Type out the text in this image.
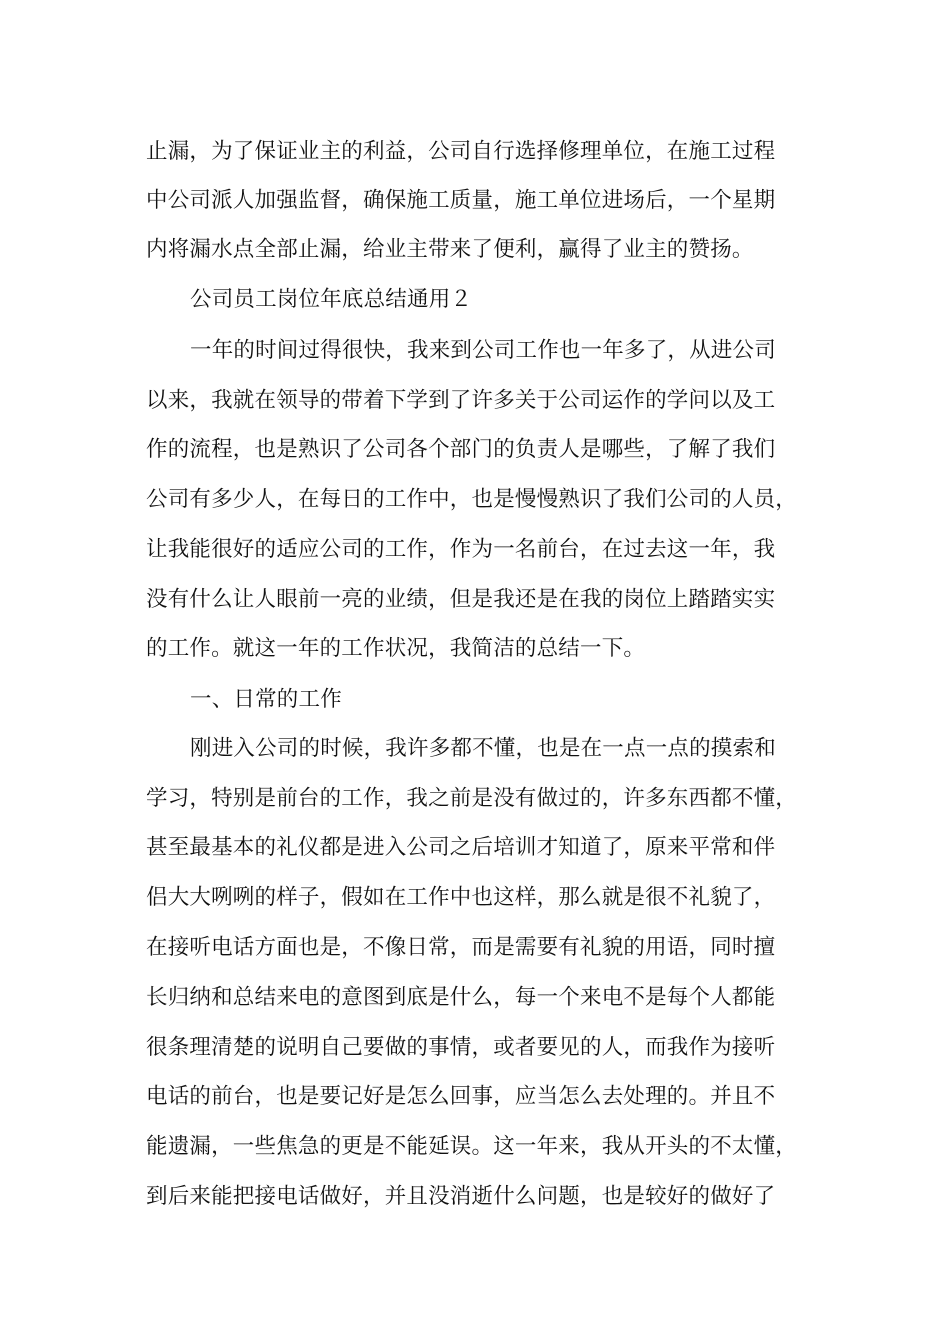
止漏，为了保证业主的利益，公司自行选择修理单位，在施工过程
中公司派人加强监督，确保施工质量，施工单位进场后，一个星期
内将漏水点全部止漏，给业主带来了便利，赢得了业主的赞扬。
公司员工岗位年底总结通用２
一年的时间过得很快，我来到公司工作也一年多了，从进公司
以来，我就在领导的带着下学到了许多关于公司运作的学问以及工
作的流程，也是熟识了公司各个部门的负责人是哪些，了解了我们
公司有多少人，在每日的工作中，也是慢慢熟识了我们公司的人员，
让我能很好的适应公司的工作，作为一名前台，在过去这一年，我
没有什么让人眼前一亮的业绩，但是我还是在我的岗位上踏踏实实
的工作。就这一年的工作状况，我简洁的总结一下。
一、日常的工作
刚进入公司的时候，我许多都不懂，也是在一点一点的摸索和
学习，特别是前台的工作，我之前是没有做过的，许多东西都不懂，
甚至最基本的礼仪都是进入公司之后培训才知道了，原来平常和伴
侣大大咧咧的样子，假如在工作中也这样，那么就是很不礼貌了，
在接听电话方面也是，不像日常，而是需要有礼貌的用语，同时擅
长归纳和总结来电的意图到底是什么，每一个来电不是每个人都能
很条理清楚的说明自己要做的事情，或者要见的人，而我作为接听
电话的前台，也是要记好是怎么回事，应当怎么去处理的。并且不
能遗漏，一些焦急的更是不能延误。这一年来，我从开头的不太懂，
到后来能把接电话做好，并且没消逝什么问题，也是较好的做好了
